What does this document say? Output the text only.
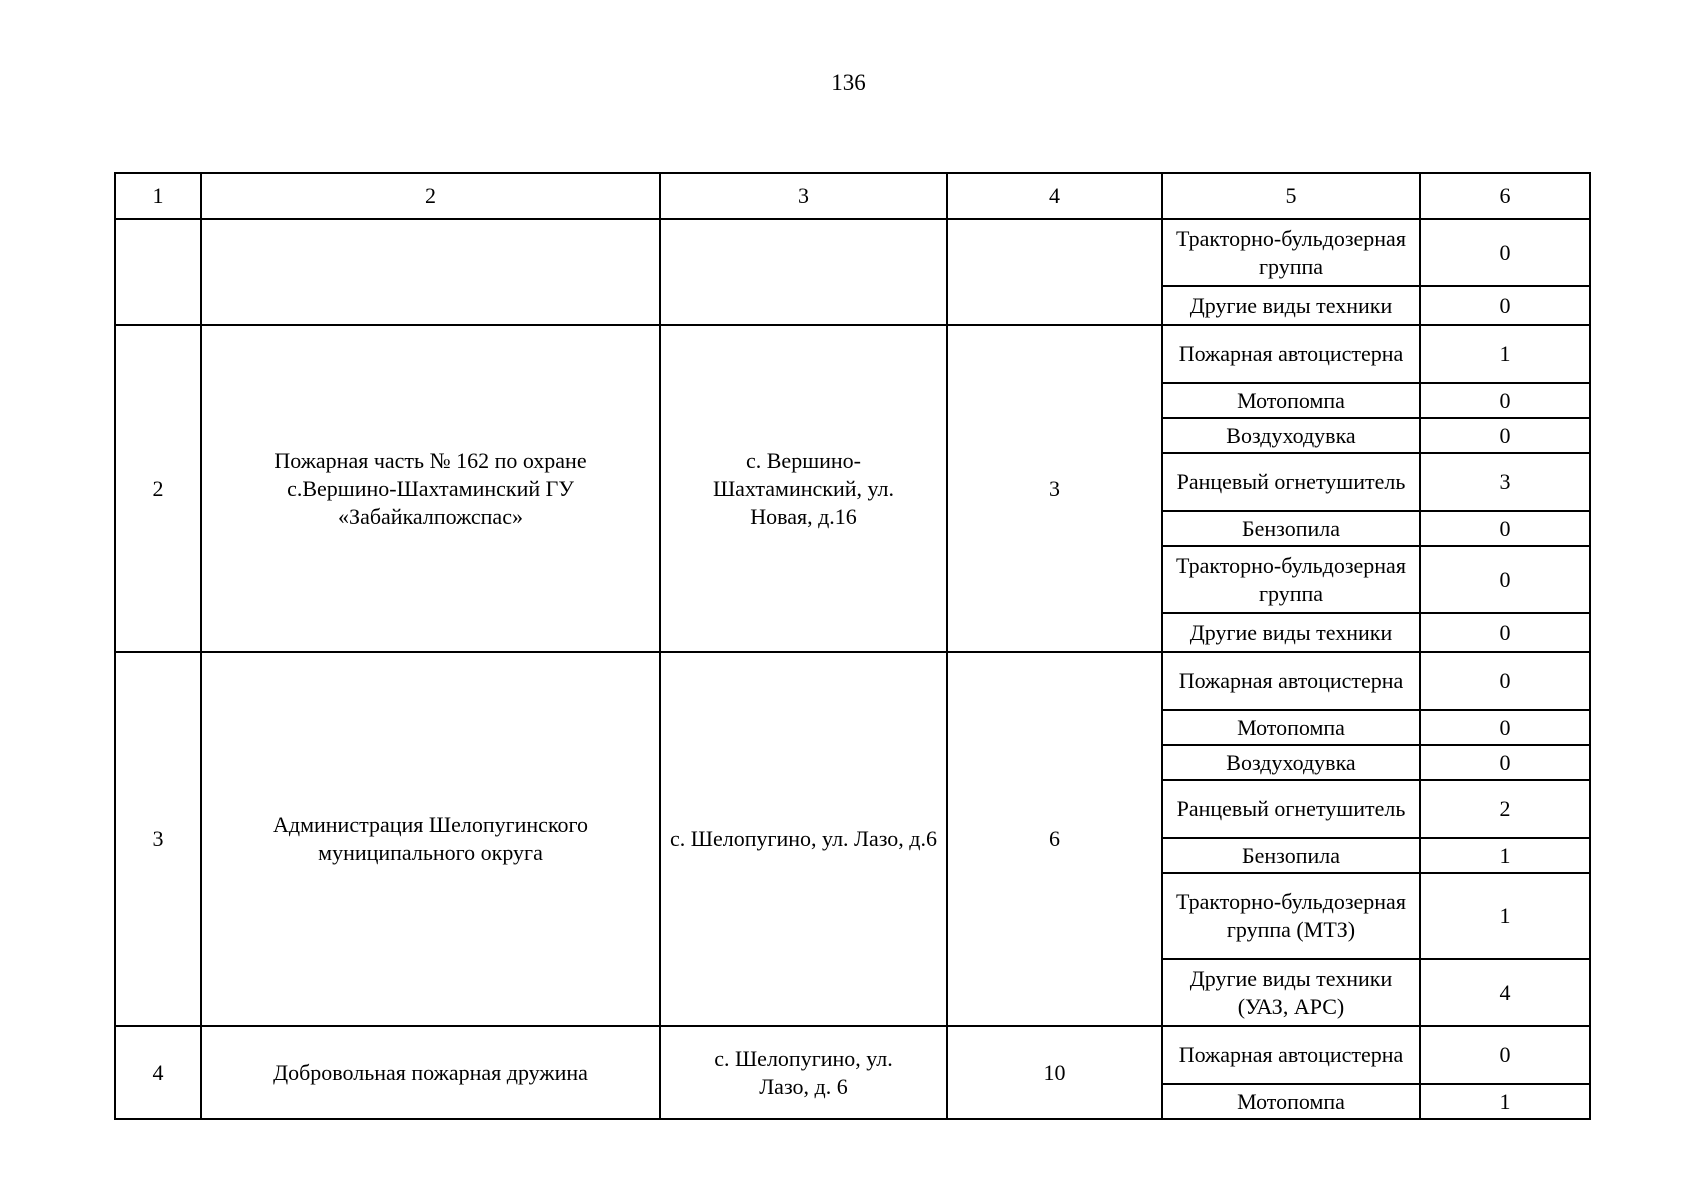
136
1	2	3	4	5	6
				Тракторно-бульдозерная группа	0
				Другие виды техники	0
2	Пожарная часть № 162 по охране с.Вершино-Шахтаминский ГУ «Забайкалпожспас»	с. Вершино-Шахтаминский, ул. Новая, д.16	3	Пожарная автоцистерна	1
				Мотопомпа	0
				Воздуходувка	0
				Ранцевый огнетушитель	3
				Бензопила	0
				Тракторно-бульдозерная группа	0
				Другие виды техники	0
3	Администрация Шелопугинского муниципального округа	с. Шелопугино, ул. Лазо, д.6	6	Пожарная автоцистерна	0
				Мотопомпа	0
				Воздуходувка	0
				Ранцевый огнетушитель	2
				Бензопила	1
				Тракторно-бульдозерная группа (МТЗ)	1
				Другие виды техники (УАЗ, АРС)	4
4	Добровольная пожарная дружина	с. Шелопугино, ул. Лазо, д. 6	10	Пожарная автоцистерна	0
				Мотопомпа	1
